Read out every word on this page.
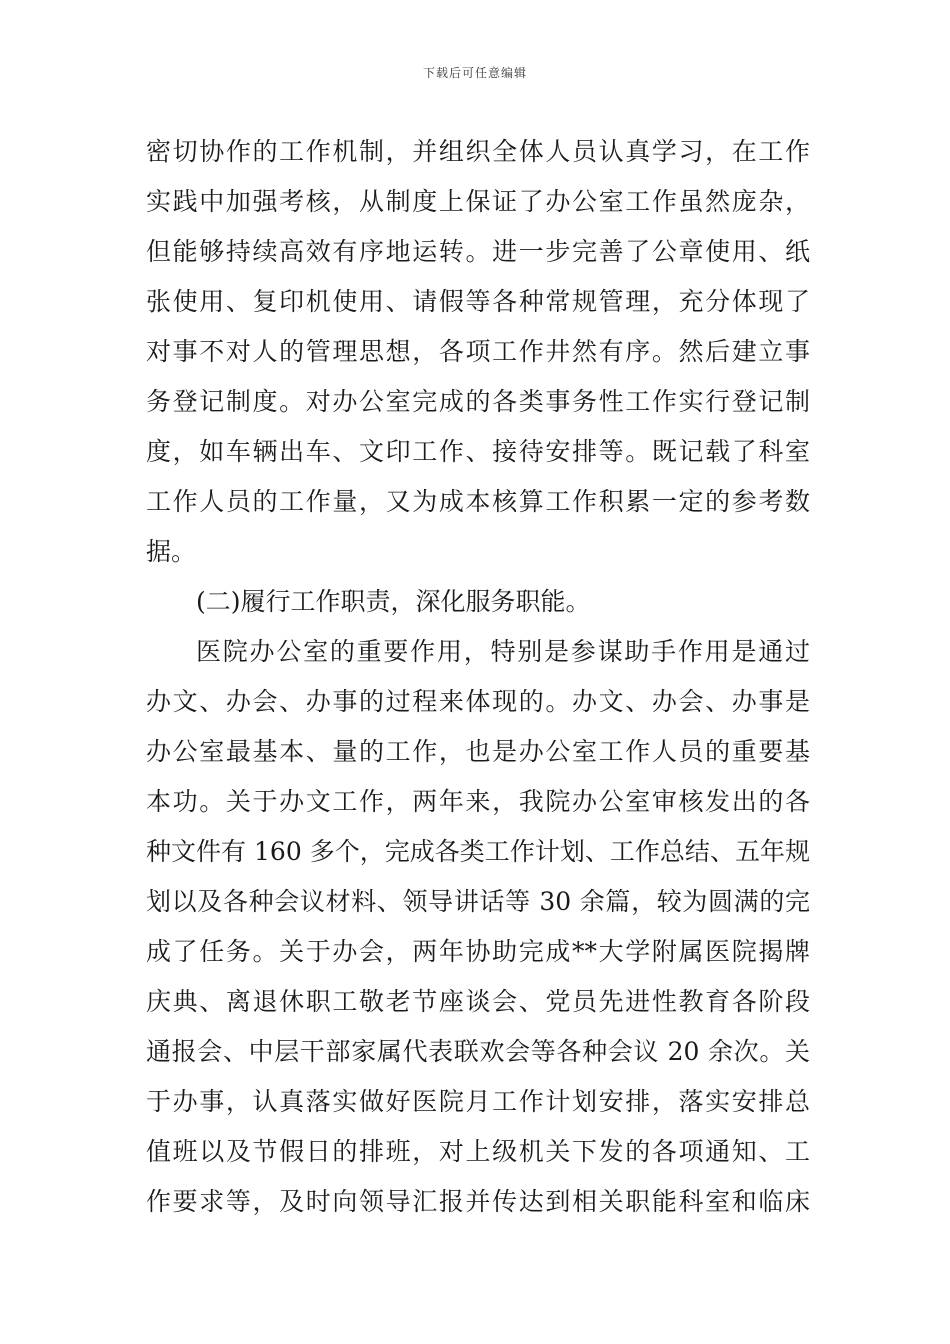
下载后可任意编辑
密切协作的工作机制，并组织全体人员认真学习，在工作
实践中加强考核，从制度上保证了办公室工作虽然庞杂，
但能够持续高效有序地运转。进一步完善了公章使用、纸
张使用、复印机使用、请假等各种常规管理，充分体现了
对事不对人的管理思想，各项工作井然有序。然后建立事
务登记制度。对办公室完成的各类事务性工作实行登记制
度，如车辆出车、文印工作、接待安排等。既记载了科室
工作人员的工作量，又为成本核算工作积累一定的参考数
据。
(二)履行工作职责，深化服务职能。
医院办公室的重要作用，特别是参谋助手作用是通过
办文、办会、办事的过程来体现的。办文、办会、办事是
办公室最基本、量的工作，也是办公室工作人员的重要基
本功。关于办文工作，两年来，我院办公室审核发出的各
种文件有 160 多个，完成各类工作计划、工作总结、五年规
划以及各种会议材料、领导讲话等 30 余篇，较为圆满的完
成了任务。关于办会，两年协助完成**大学附属医院揭牌
庆典、离退休职工敬老节座谈会、党员先进性教育各阶段
通报会、中层干部家属代表联欢会等各种会议 20 余次。关
于办事，认真落实做好医院月工作计划安排，落实安排总
值班以及节假日的排班，对上级机关下发的各项通知、工
作要求等，及时向领导汇报并传达到相关职能科室和临床
